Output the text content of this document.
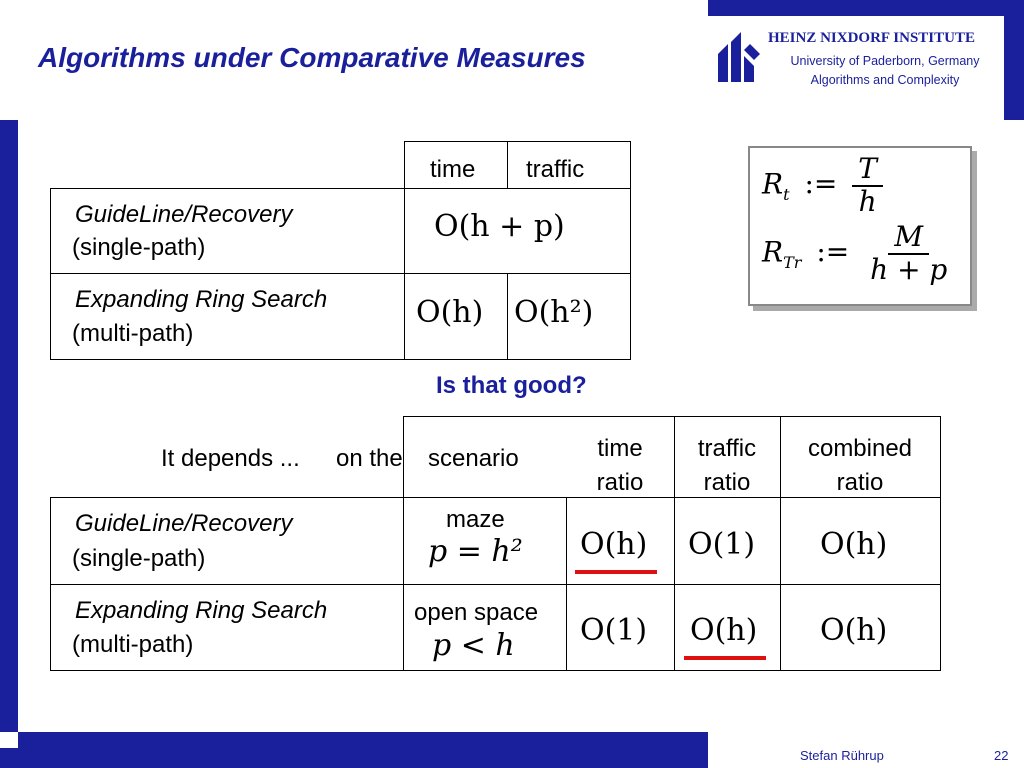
Algorithms under Comparative Measures
HEINZ NIXDORF INSTITUTE
University of Paderborn, Germany
Algorithms and Complexity
time traffic
GuideLine/Recovery
(single-path)
O(h + p)
Expanding Ring Search
(multi-path)
O(h) O(h²)
$R_t$ := $\frac{T}{h}$
$R_{Tr}$ := $\frac{M}{h + p}$
Is that good?
It depends ... on the scenario	time
ratio
traffic
ratio
combined
ratio
GuideLine/Recovery
(single-path)
maze
p = h² O(h) O(1) O(h)
Expanding Ring Search
(multi-path)
open space
p < h O(1) O(h) O(h)
Stefan Rührup	22
